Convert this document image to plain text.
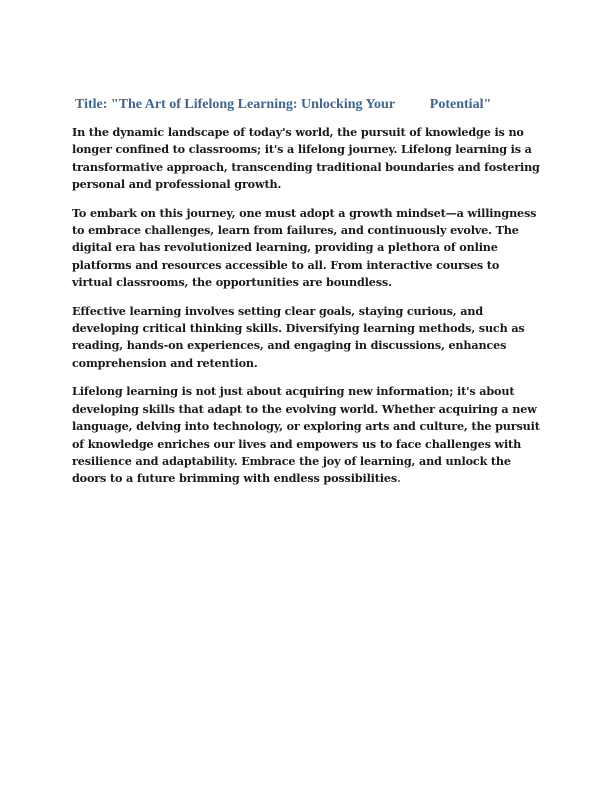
Title: "The Art of Lifelong Learning: Unlocking Your          Potential"

In the dynamic landscape of today's world, the pursuit of knowledge is no longer confined to classrooms; it's a lifelong journey. Lifelong learning is a transformative approach, transcending traditional boundaries and fostering personal and professional growth.

To embark on this journey, one must adopt a growth mindset—a willingness to embrace challenges, learn from failures, and continuously evolve. The digital era has revolutionized learning, providing a plethora of online platforms and resources accessible to all. From interactive courses to virtual classrooms, the opportunities are boundless.

Effective learning involves setting clear goals, staying curious, and developing critical thinking skills. Diversifying learning methods, such as reading, hands-on experiences, and engaging in discussions, enhances comprehension and retention.

Lifelong learning is not just about acquiring new information; it's about developing skills that adapt to the evolving world. Whether acquiring a new language, delving into technology, or exploring arts and culture, the pursuit of knowledge enriches our lives and empowers us to face challenges with resilience and adaptability. Embrace the joy of learning, and unlock the doors to a future brimming with endless possibilities.
